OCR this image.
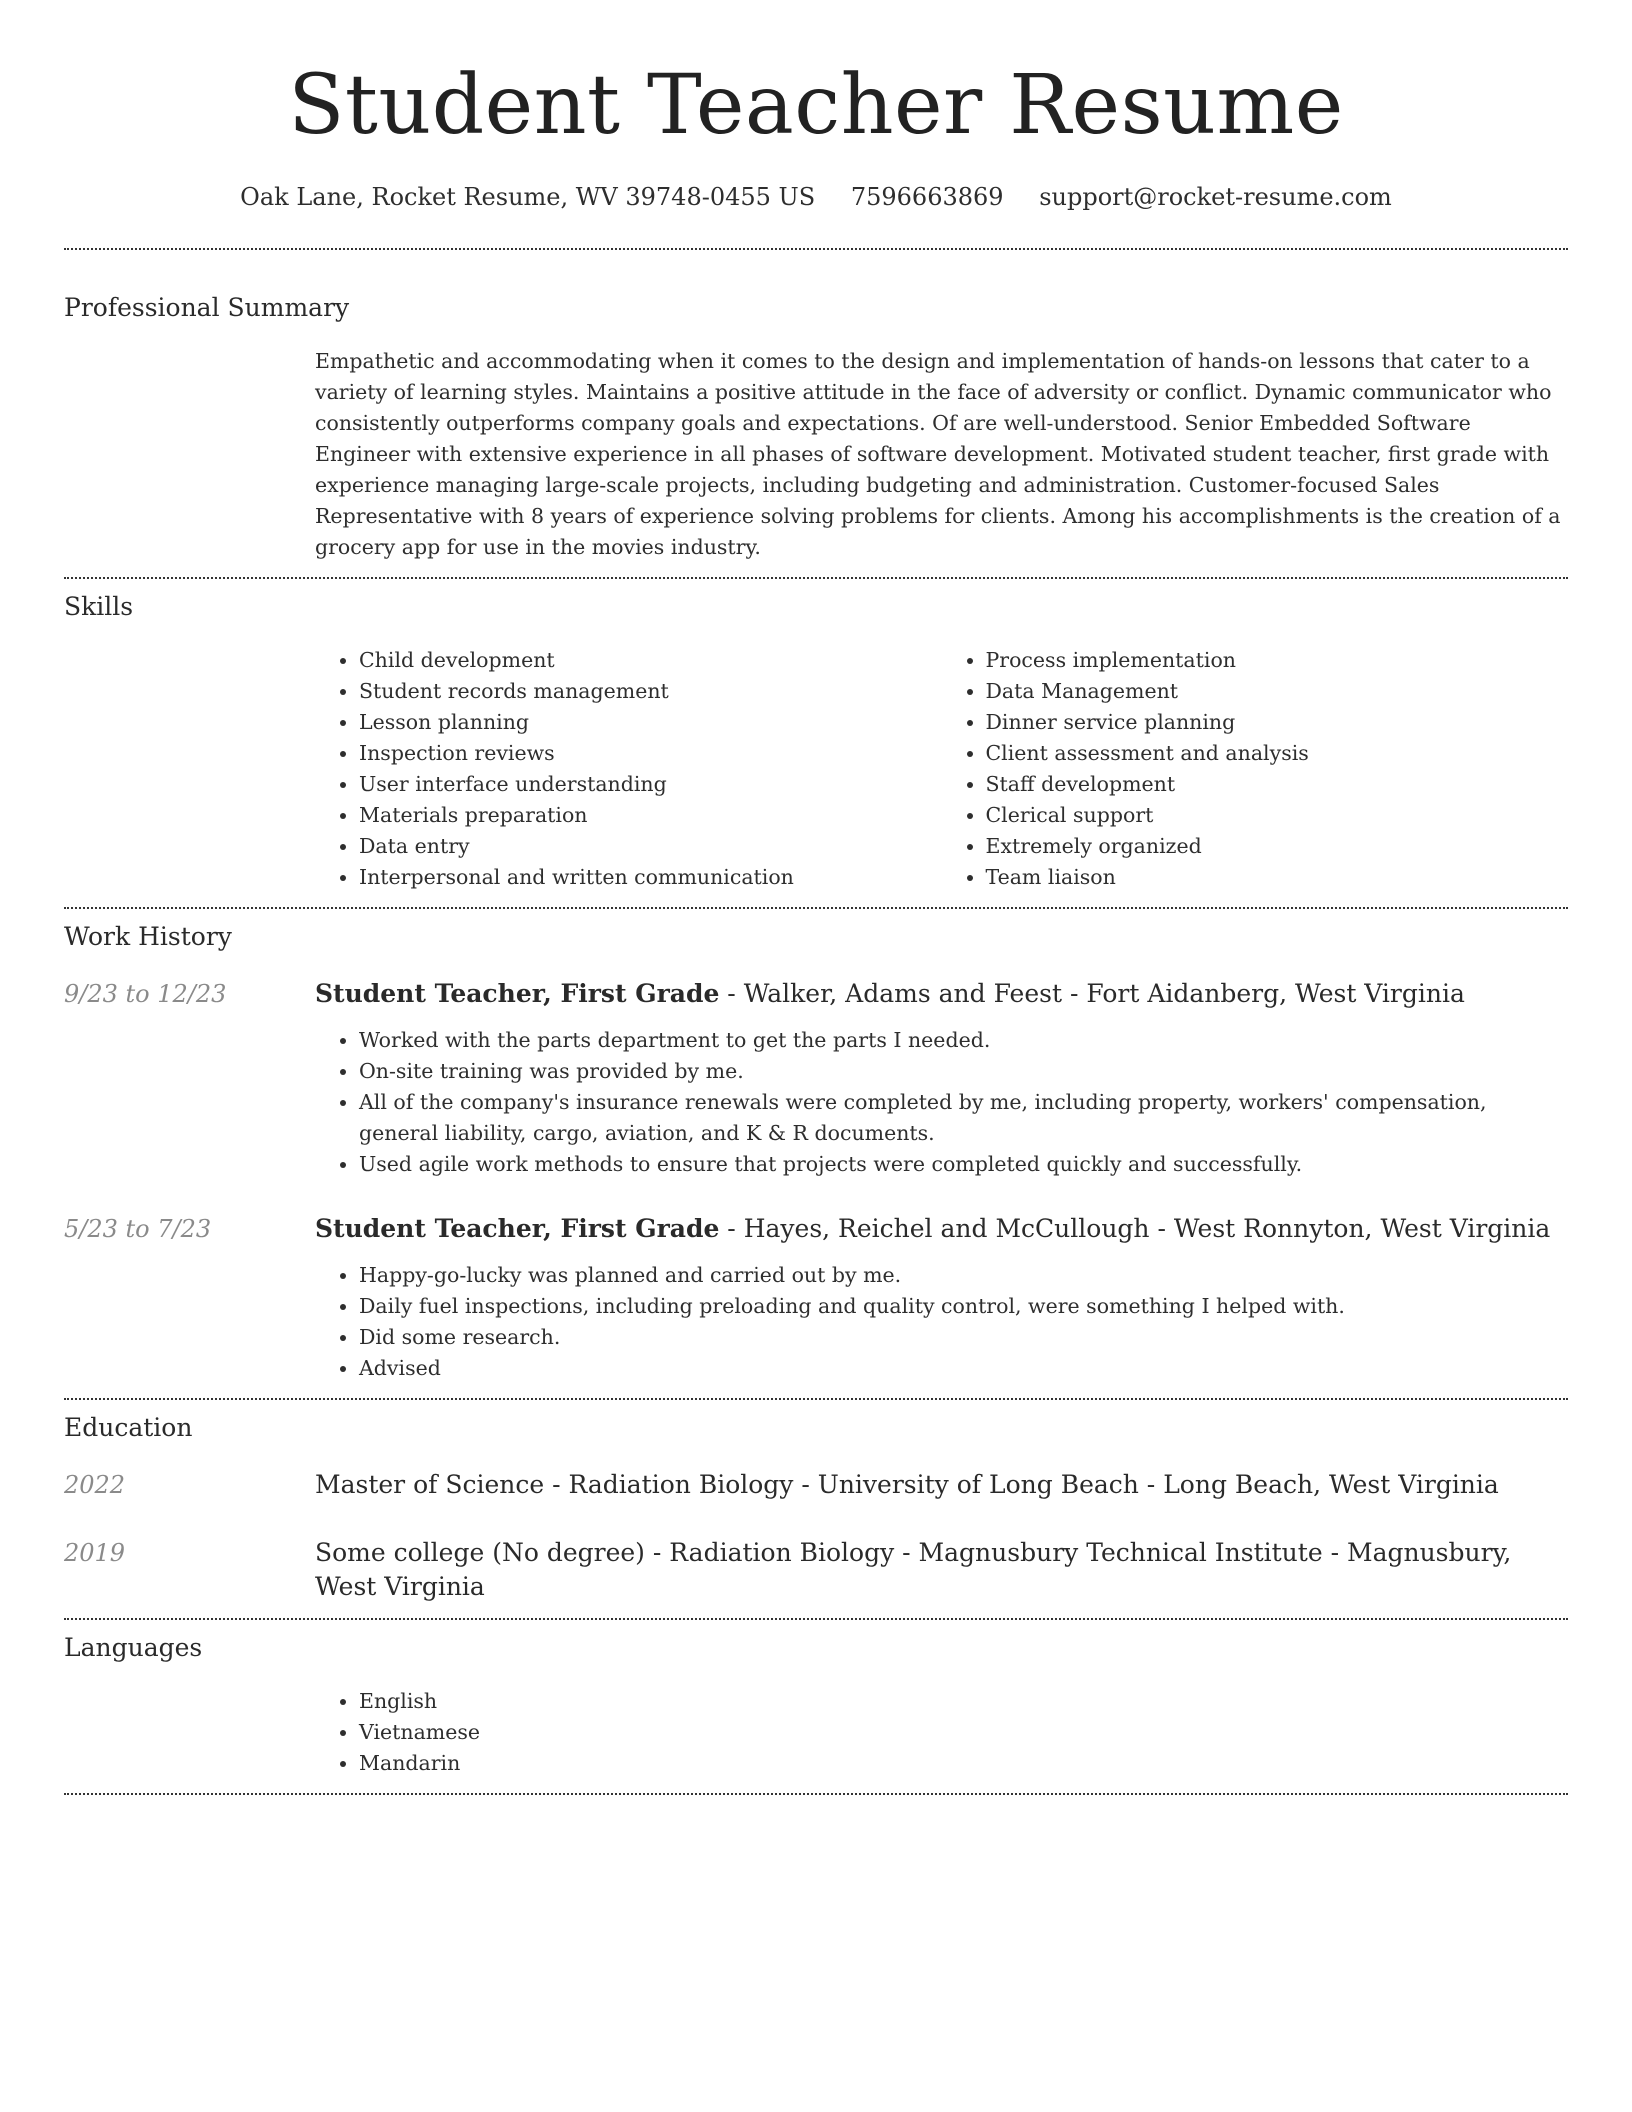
Student Teacher Resume
Oak Lane, Rocket Resume, WV 39748-0455 US 7596663869 support@rocket-resume.com
Professional Summary

Empathetic and accommodating when it comes to the design and implementation of hands-on lessons that cater to a variety of learning styles. Maintains a positive attitude in the face of adversity or conflict. Dynamic communicator who consistently outperforms company goals and expectations. Of are well-understood. Senior Embedded Software Engineer with extensive experience in all phases of software development. Motivated student teacher, first grade with experience managing large-scale projects, including budgeting and administration. Customer-focused Sales Representative with 8 years of experience solving problems for clients. Among his accomplishments is the creation of a grocery app for use in the movies industry.

Skills
• Child development
• Student records management
• Lesson planning
• Inspection reviews
• User interface understanding
• Materials preparation
• Data entry
• Interpersonal and written communication
• Process implementation
• Data Management
• Dinner service planning
• Client assessment and analysis
• Staff development
• Clerical support
• Extremely organized
• Team liaison
Work History
9/23 to 12/23	Student Teacher, First Grade - Walker, Adams and Feest - Fort Aidanberg, West Virginia
• Worked with the parts department to get the parts I needed.
• On-site training was provided by me.
• All of the company's insurance renewals were completed by me, including property, workers' compensation, general liability, cargo, aviation, and K & R documents.
• Used agile work methods to ensure that projects were completed quickly and successfully.
5/23 to 7/23	Student Teacher, First Grade - Hayes, Reichel and McCullough - West Ronnyton, West Virginia
• Happy-go-lucky was planned and carried out by me.
• Daily fuel inspections, including preloading and quality control, were something I helped with.
• Did some research.
• Advised
Education
2022	Master of Science - Radiation Biology - University of Long Beach - Long Beach, West Virginia
2019	Some college (No degree) - Radiation Biology - Magnusbury Technical Institute - Magnusbury, West Virginia
Languages
• English
• Vietnamese
• Mandarin
